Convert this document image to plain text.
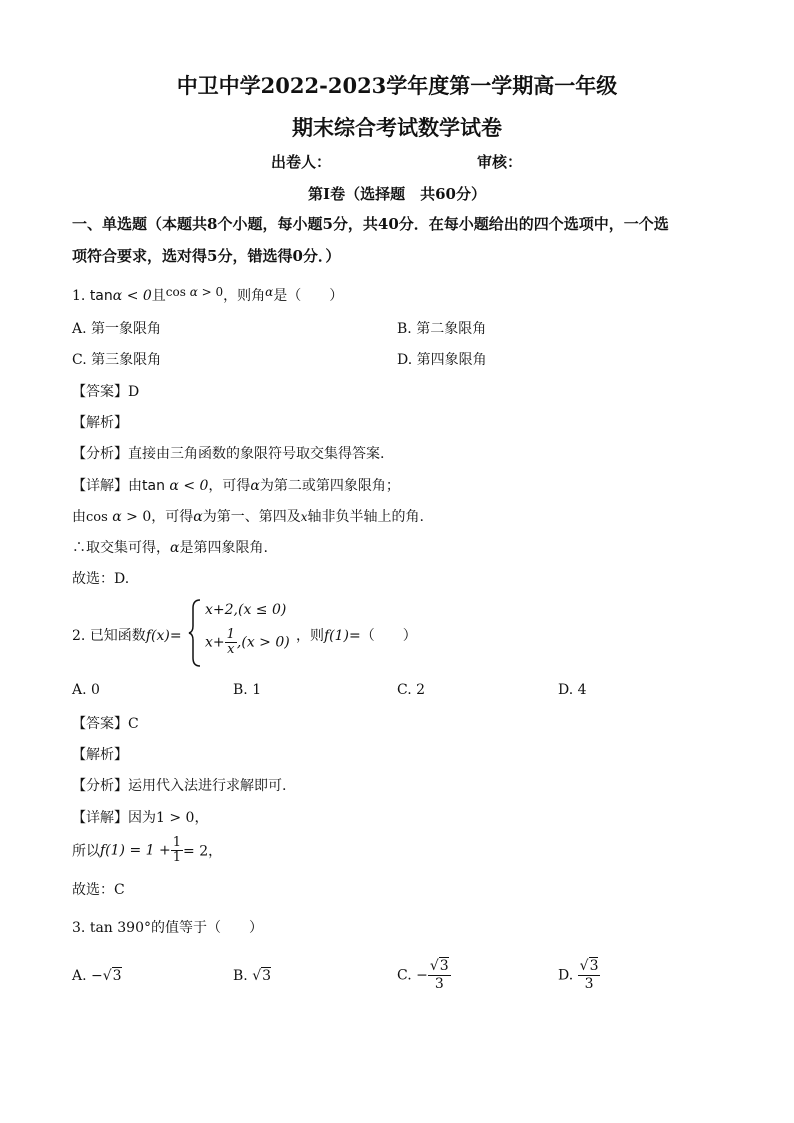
中卫中学2022-2023学年度第一学期高一年级
期末综合考试数学试卷
出卷人：	审核：
第Ⅰ卷（选择题　共60分）
一、单选题（本题共8个小题，每小题5分，共40分．在每小题给出的四个选项中，一个选
项符合要求，选对得5分，错选得0分．）
1. tanα < 0且cos α > 0，则角α是（　　）
A. 第一象限角	B. 第二象限角
C. 第三象限角	D. 第四象限角
【答案】D
【解析】
【分析】直接由三角函数的象限符号取交集得答案.
【详解】由tan α < 0，可得α为第二或第四象限角；
由cos α > 0，可得α为第一、第四及x轴非负半轴上的角.
∴取交集可得，α是第四象限角.
故选：D.
2. 已知函数f(x)=
x+2,(x ≤ 0)
$x+ \frac{1}{x} ,(x > 0)$ ，则f(1)=（　　）
A. 0	B. 1	C. 2	D. 4
【答案】C
【解析】
【分析】运用代入法进行求解即可.
【详解】因为1 > 0，
所以$f(1) = 1 + \frac{1}{1} = 2$，
故选：C
3. tan 390°的值等于（　　）
A. −√3	B. √3	C. − $\frac{√3}{3}$	D. $\frac{√3}{3}$
